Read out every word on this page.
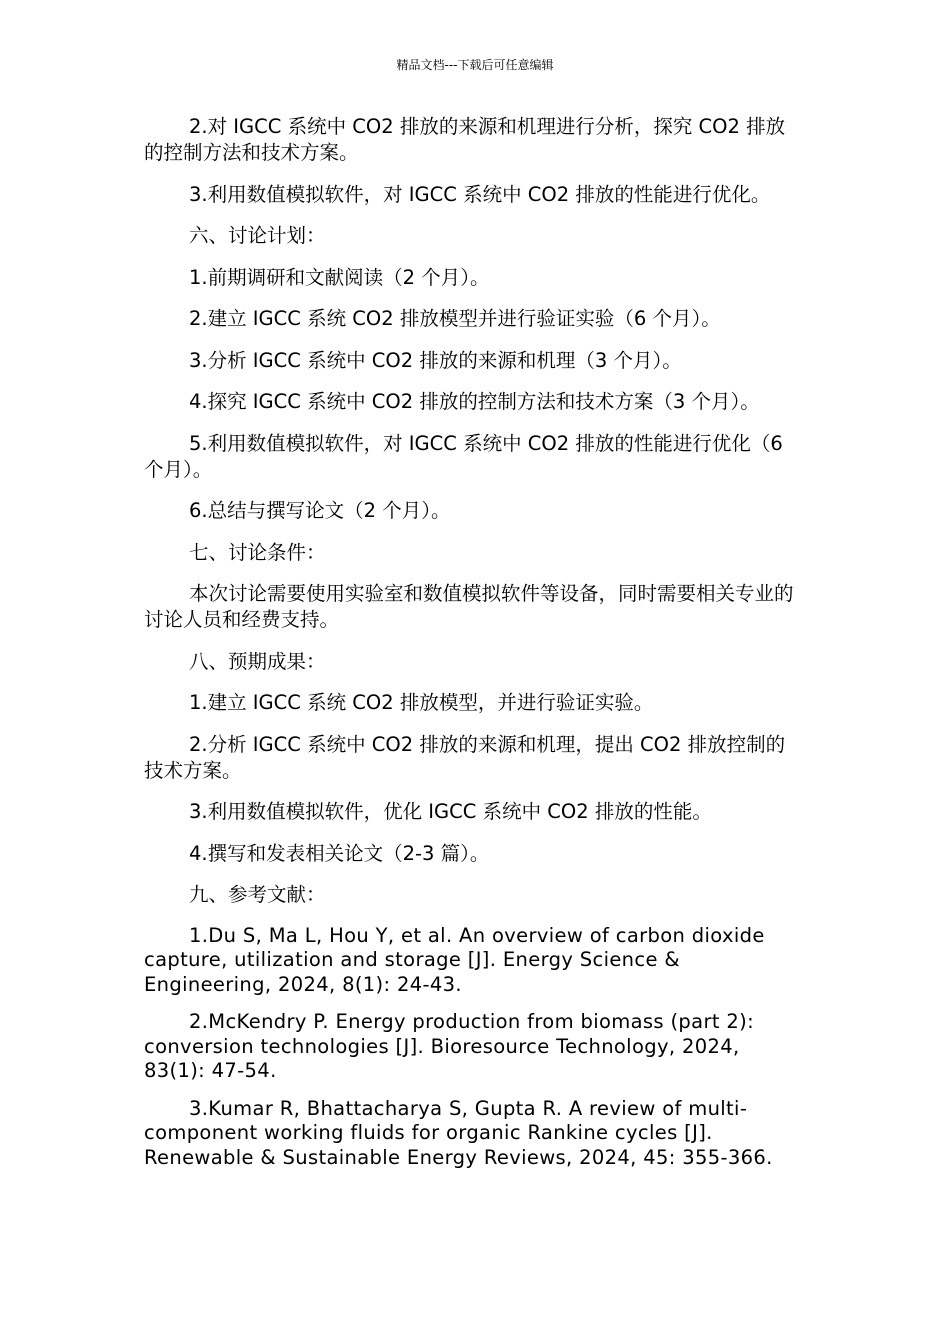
精品文档---下载后可任意编辑

2.对 IGCC 系统中 CO2 排放的来源和机理进行分析，探究 CO2 排放的控制方法和技术方案。

3.利用数值模拟软件，对 IGCC 系统中 CO2 排放的性能进行优化。

六、讨论计划：

1.前期调研和文献阅读（2 个月）。

2.建立 IGCC 系统 CO2 排放模型并进行验证实验（6 个月）。

3.分析 IGCC 系统中 CO2 排放的来源和机理（3 个月）。

4.探究 IGCC 系统中 CO2 排放的控制方法和技术方案（3 个月）。

5.利用数值模拟软件，对 IGCC 系统中 CO2 排放的性能进行优化（6 个月）。

6.总结与撰写论文（2 个月）。

七、讨论条件：

本次讨论需要使用实验室和数值模拟软件等设备，同时需要相关专业的讨论人员和经费支持。

八、预期成果：

1.建立 IGCC 系统 CO2 排放模型，并进行验证实验。

2.分析 IGCC 系统中 CO2 排放的来源和机理，提出 CO2 排放控制的技术方案。

3.利用数值模拟软件，优化 IGCC 系统中 CO2 排放的性能。

4.撰写和发表相关论文（2-3 篇）。

九、参考文献：

1.Du S, Ma L, Hou Y, et al. An overview of carbon dioxide capture, utilization and storage [J]. Energy Science & Engineering, 2024, 8(1): 24-43.

2.McKendry P. Energy production from biomass (part 2): conversion technologies [J]. Bioresource Technology, 2024, 83(1): 47-54.

3.Kumar R, Bhattacharya S, Gupta R. A review of multi-component working fluids for organic Rankine cycles [J]. Renewable & Sustainable Energy Reviews, 2024, 45: 355-366.
